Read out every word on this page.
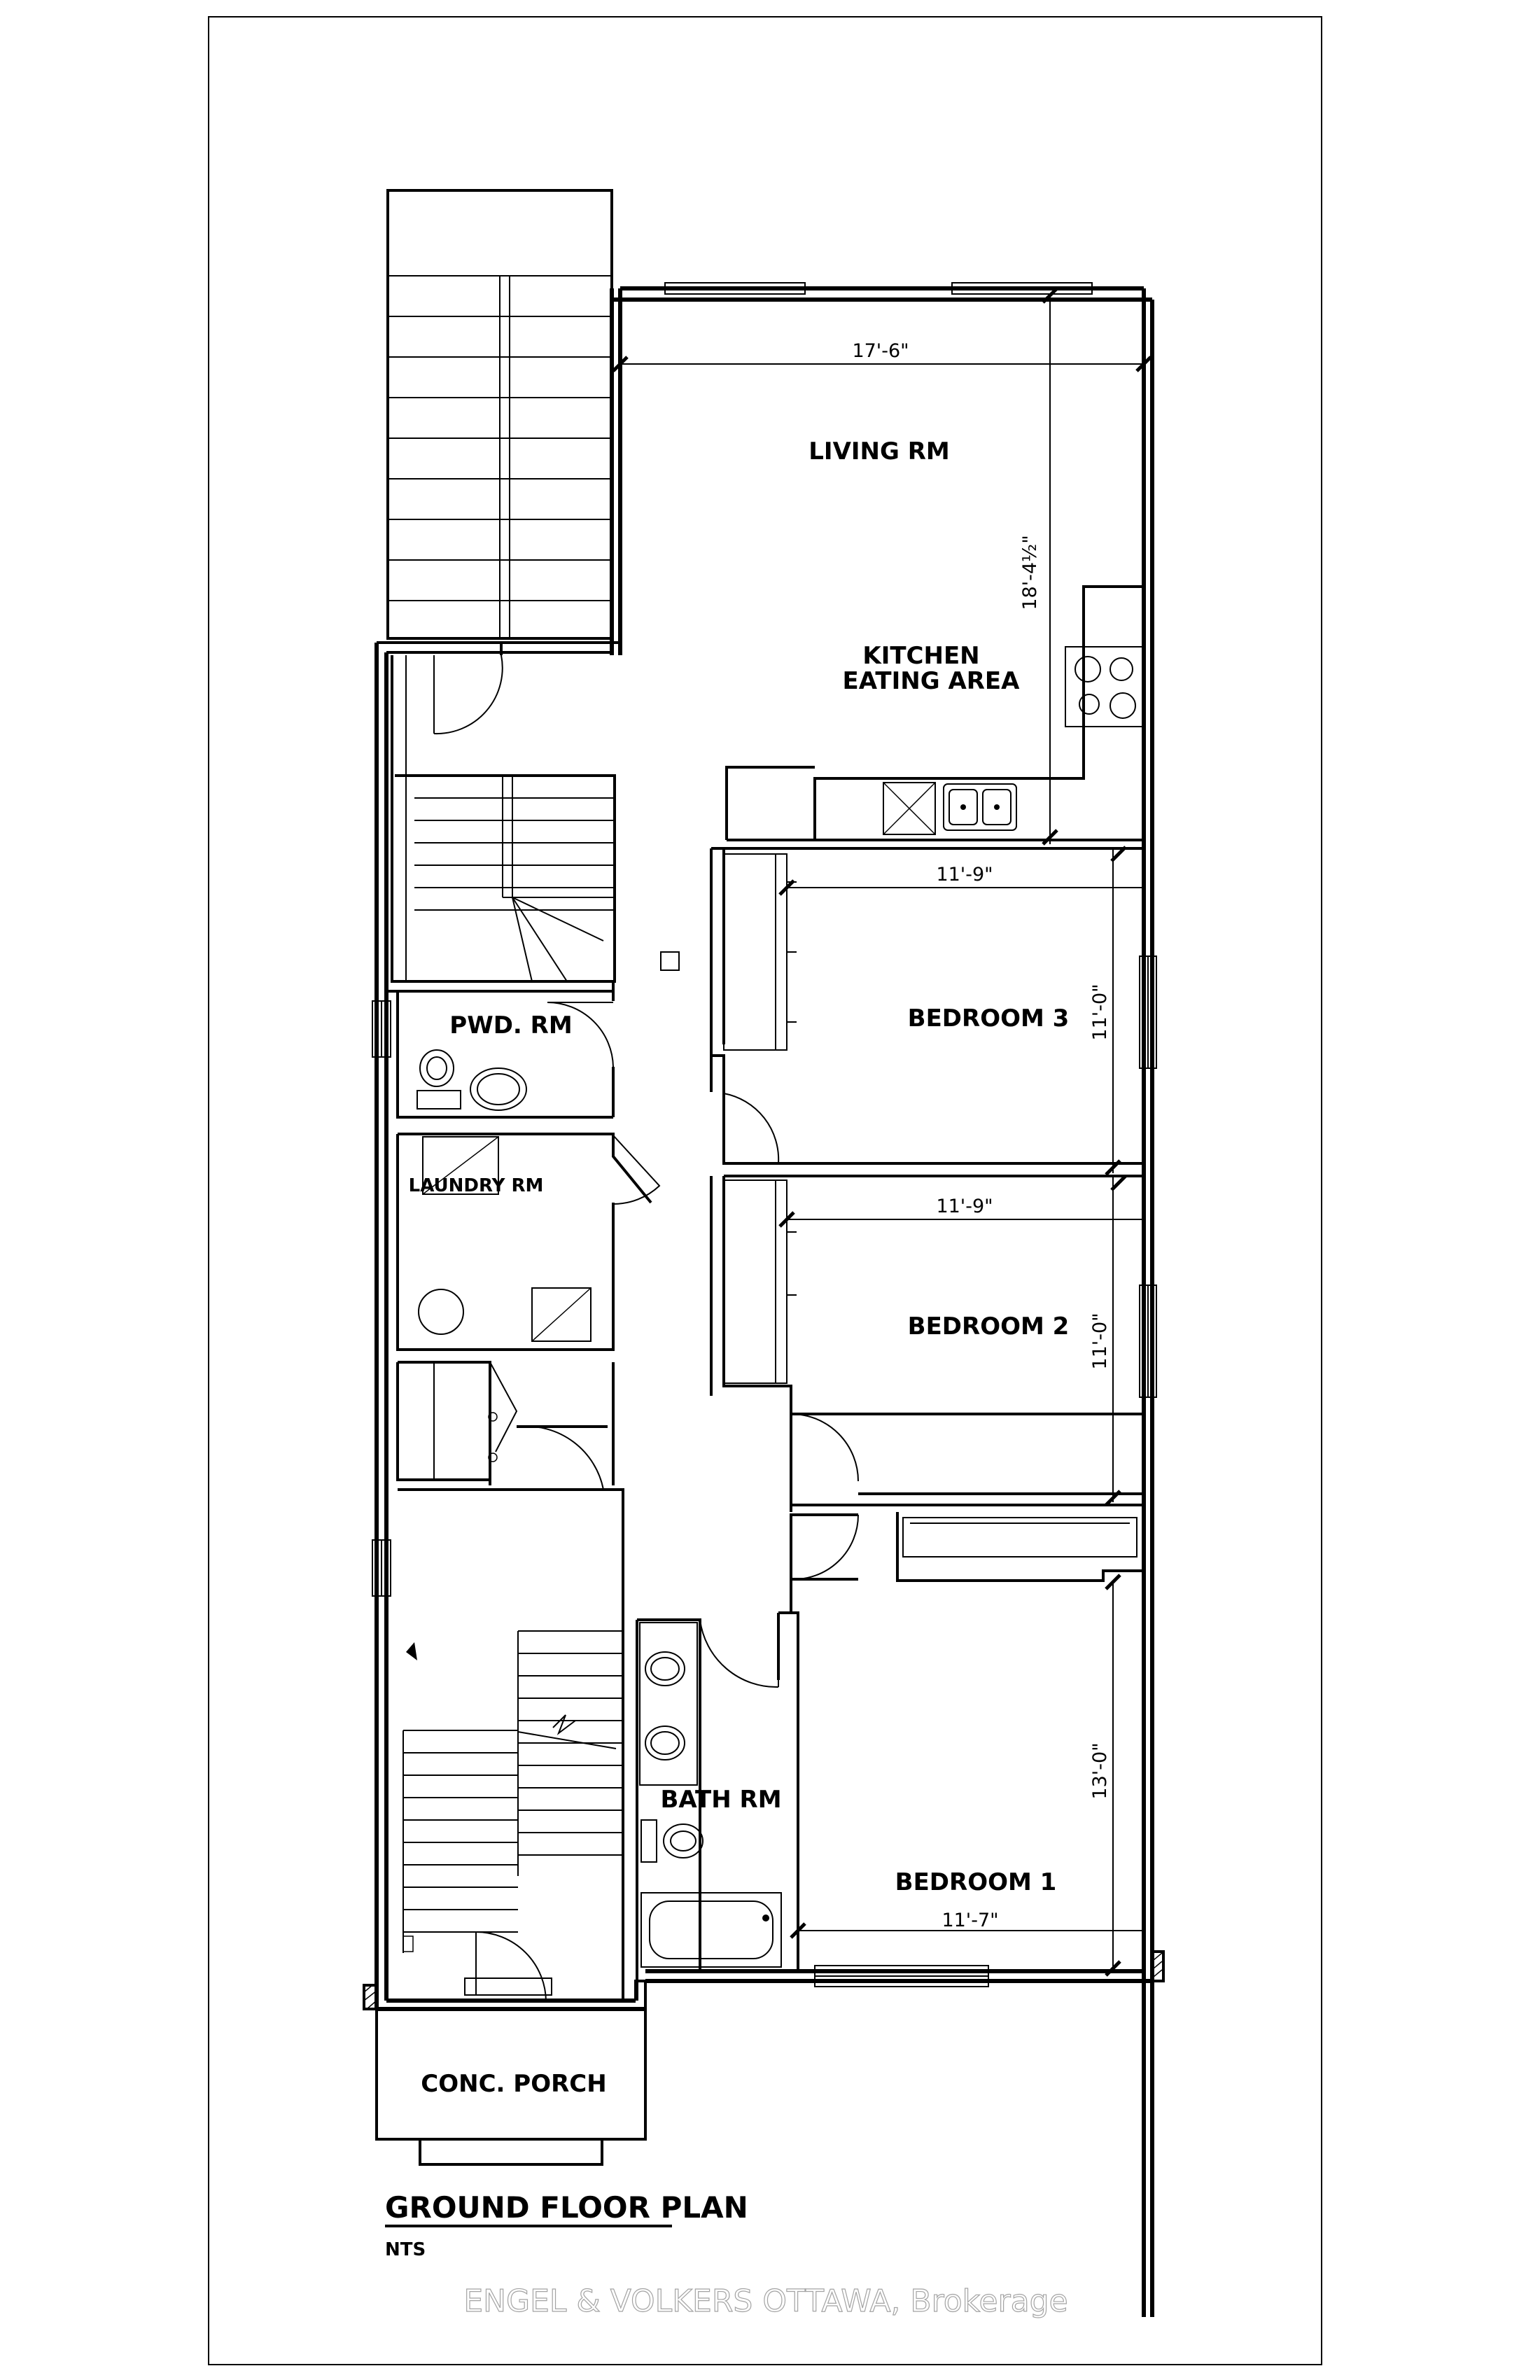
17'-6"
18'-4½"
LIVING RM
KITCHEN
EATING AREA
11'-9"
11'-0"
BEDROOM 3
11'-9"
11'-0"
BEDROOM 2
13'-0"
BEDROOM 1
11'-7"
PWD. RM
LAUNDRY RM
BATH RM
CONC. PORCH
GROUND FLOOR PLAN
NTS
ENGEL & VOLKERS OTTAWA, Brokerage
